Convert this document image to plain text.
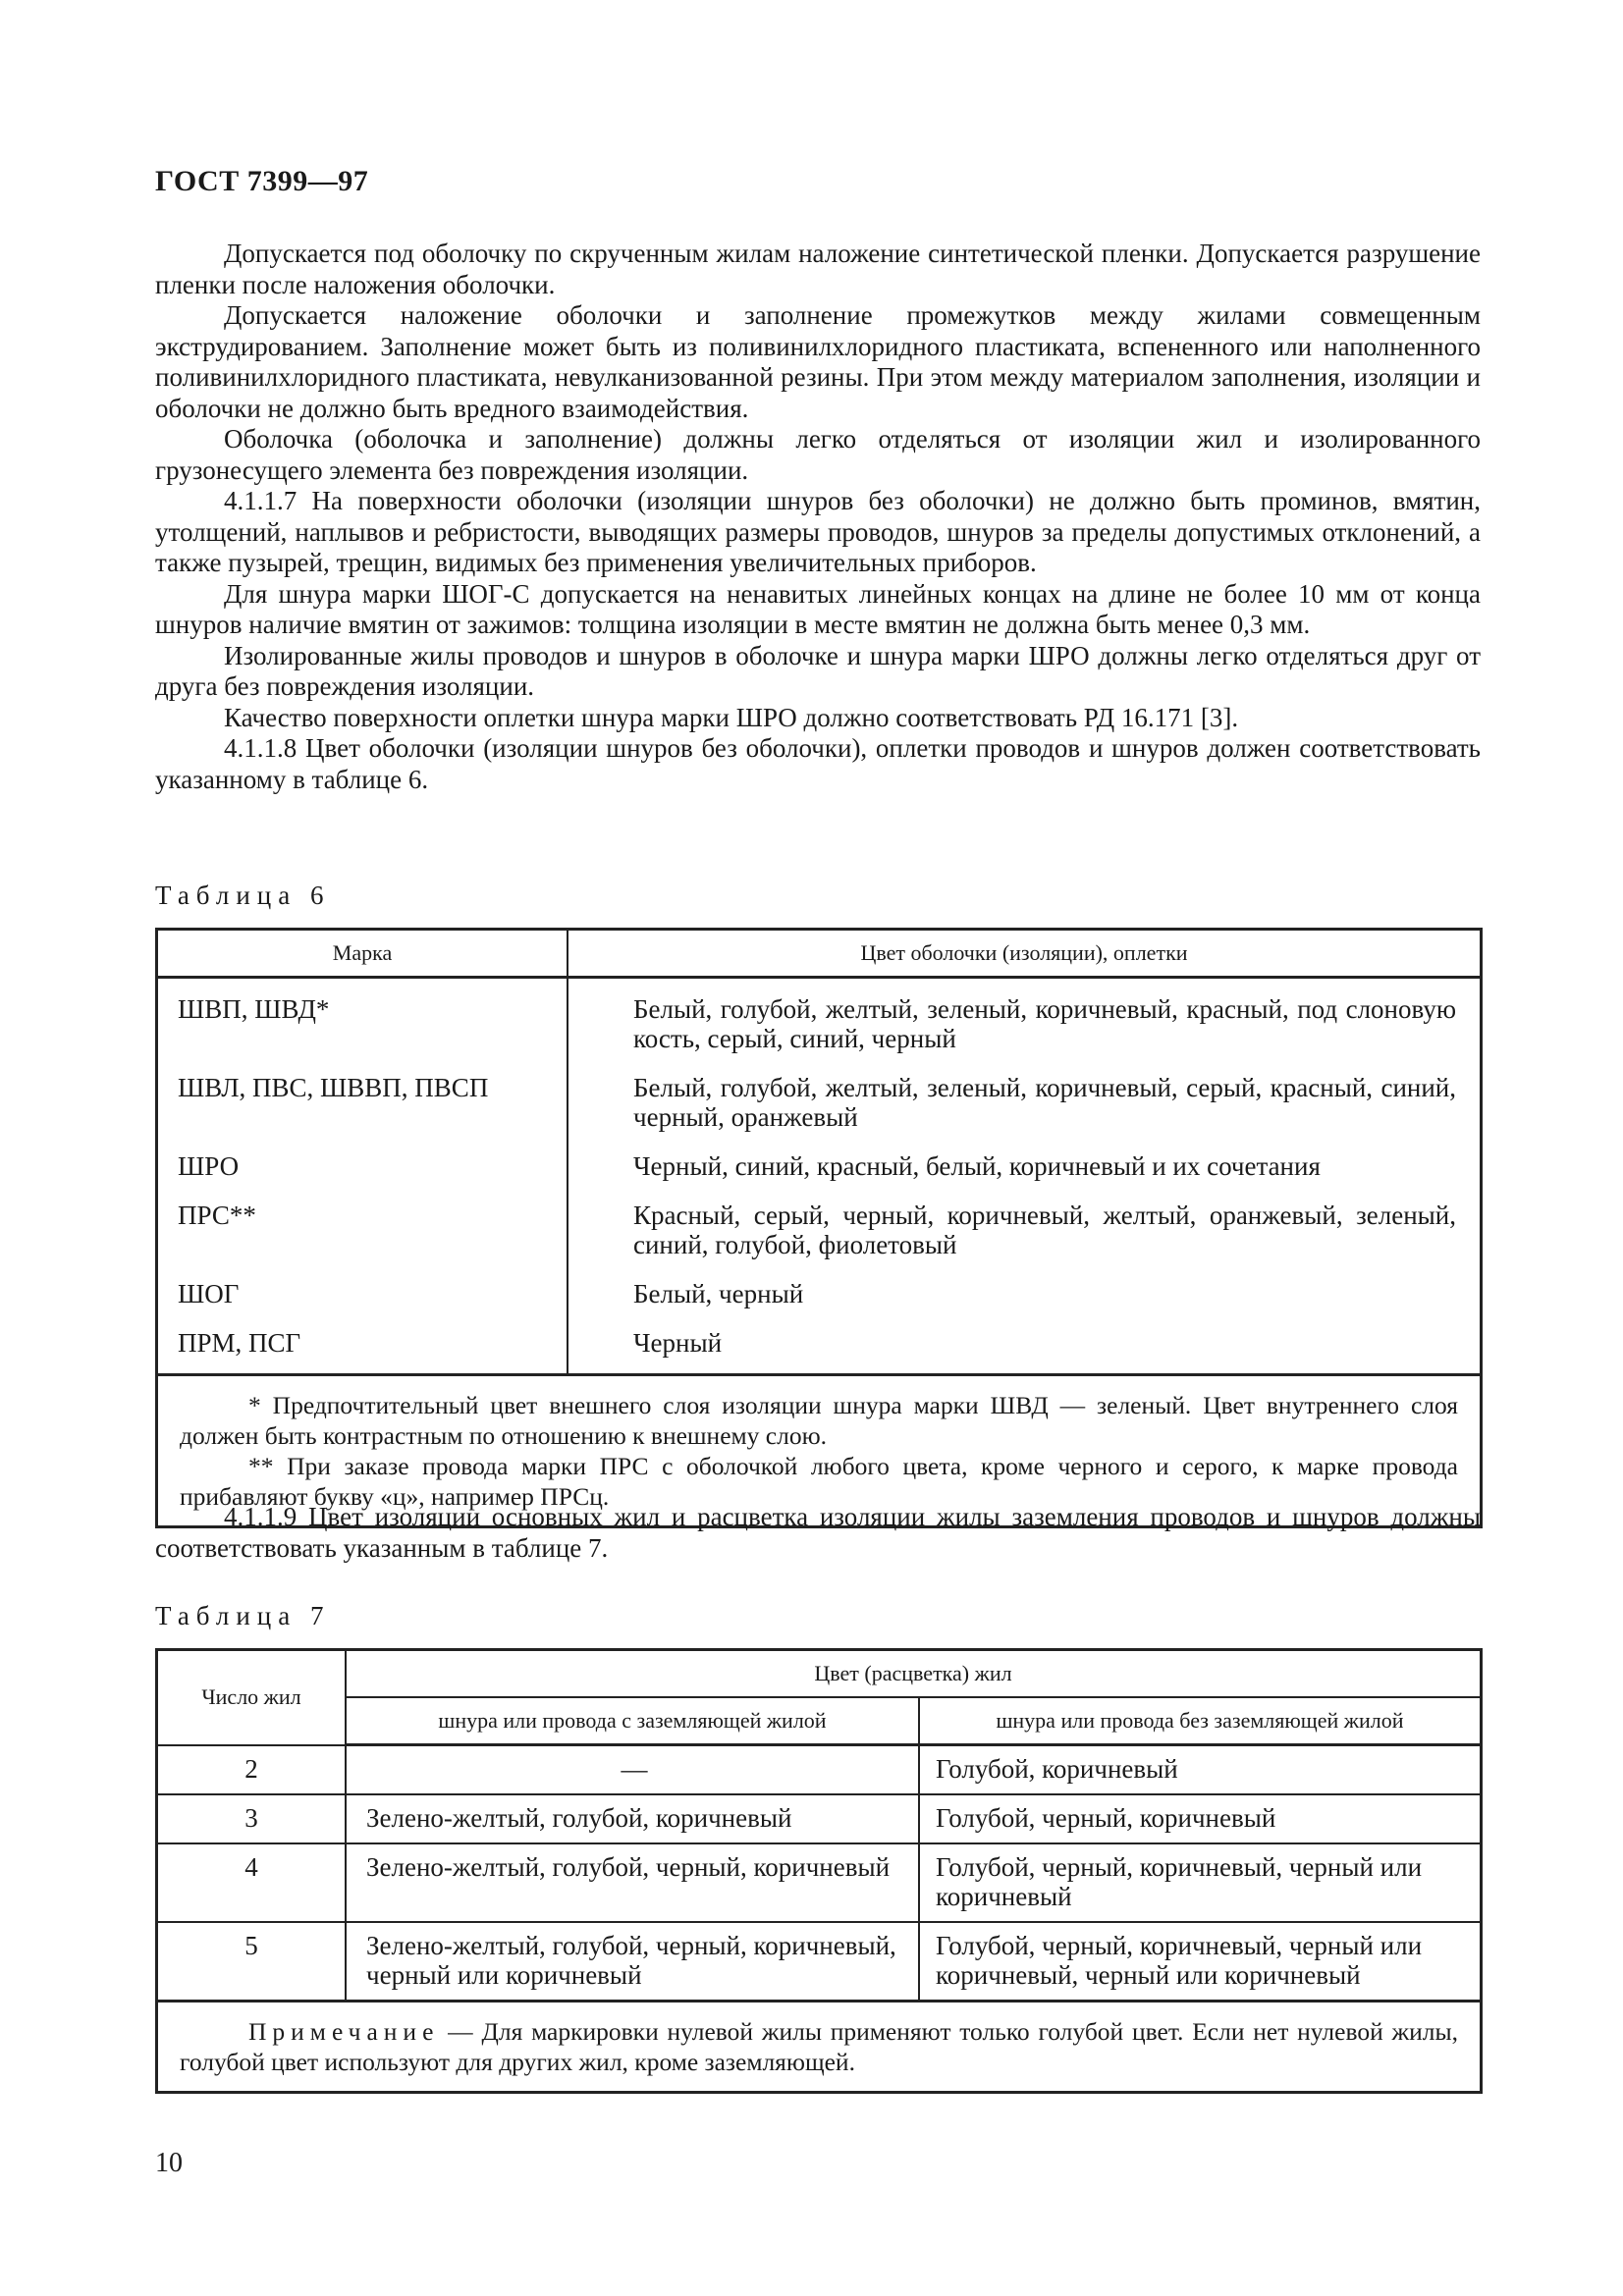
ГОСТ 7399—97

Допускается под оболочку по скрученным жилам наложение синтетической пленки. Допускается разрушение пленки после наложения оболочки.

Допускается наложение оболочки и заполнение промежутков между жилами совмещенным экструдированием. Заполнение может быть из поливинилхлоридного пластиката, вспененного или наполненного поливинилхлоридного пластиката, невулканизованной резины. При этом между материалом заполнения, изоляции и оболочки не должно быть вредного взаимодействия.

Оболочка (оболочка и заполнение) должны легко отделяться от изоляции жил и изолированного грузонесущего элемента без повреждения изоляции.

4.1.1.7 На поверхности оболочки (изоляции шнуров без оболочки) не должно быть проминов, вмятин, утолщений, наплывов и ребристости, выводящих размеры проводов, шнуров за пределы допустимых отклонений, а также пузырей, трещин, видимых без применения увеличительных приборов.

Для шнура марки ШОГ-С допускается на ненавитых линейных концах на длине не более 10 мм от конца шнуров наличие вмятин от зажимов: толщина изоляции в месте вмятин не должна быть менее 0,3 мм.

Изолированные жилы проводов и шнуров в оболочке и шнура марки ШРО должны легко отделяться друг от друга без повреждения изоляции.

Качество поверхности оплетки шнура марки ШРО должно соответствовать РД 16.171 [3].

4.1.1.8 Цвет оболочки (изоляции шнуров без оболочки), оплетки проводов и шнуров должен соответствовать указанному в таблице 6.

Таблица 6
Марка	Цвет оболочки (изоляции), оплетки
ШВП, ШВД*	Белый, голубой, желтый, зеленый, коричневый, красный, под слоновую кость, серый, синий, черный
ШВЛ, ПВС, ШВВП, ПВСП	Белый, голубой, желтый, зеленый, коричневый, серый, красный, синий, черный, оранжевый
ШРО	Черный, синий, красный, белый, коричневый и их сочетания
ПРС**	Красный, серый, черный, коричневый, желтый, оранжевый, зеленый, синий, голубой, фиолетовый
ШОГ	Белый, черный
ПРМ, ПСГ	Черный

* Предпочтительный цвет внешнего слоя изоляции шнура марки ШВД — зеленый. Цвет внутреннего слоя должен быть контрастным по отношению к внешнему слою.

** При заказе провода марки ПРС с оболочкой любого цвета, кроме черного и серого, к марке провода прибавляют букву «ц», например ПРСц.	

4.1.1.9 Цвет изоляции основных жил и расцветка изоляции жилы заземления проводов и шнуров должны соответствовать указанным в таблице 7.

Таблица 7
Число жил	Цвет (расцветка) жил	
	шнура или провода с заземляющей жилой	шнура или провода без заземляющей жилой
2	—	Голубой, коричневый
3	Зелено-желтый, голубой, коричневый	Голубой, черный, коричневый
4	Зелено-желтый, голубой, черный, коричневый	Голубой, черный, коричневый, черный или коричневый
5	Зелено-желтый, голубой, черный, коричневый, черный или коричневый	Голубой, черный, коричневый, черный или коричневый, черный или коричневый

Примечание — Для маркировки нулевой жилы применяют только голубой цвет. Если нет нулевой жилы, голубой цвет используют для других жил, кроме заземляющей.		

10
